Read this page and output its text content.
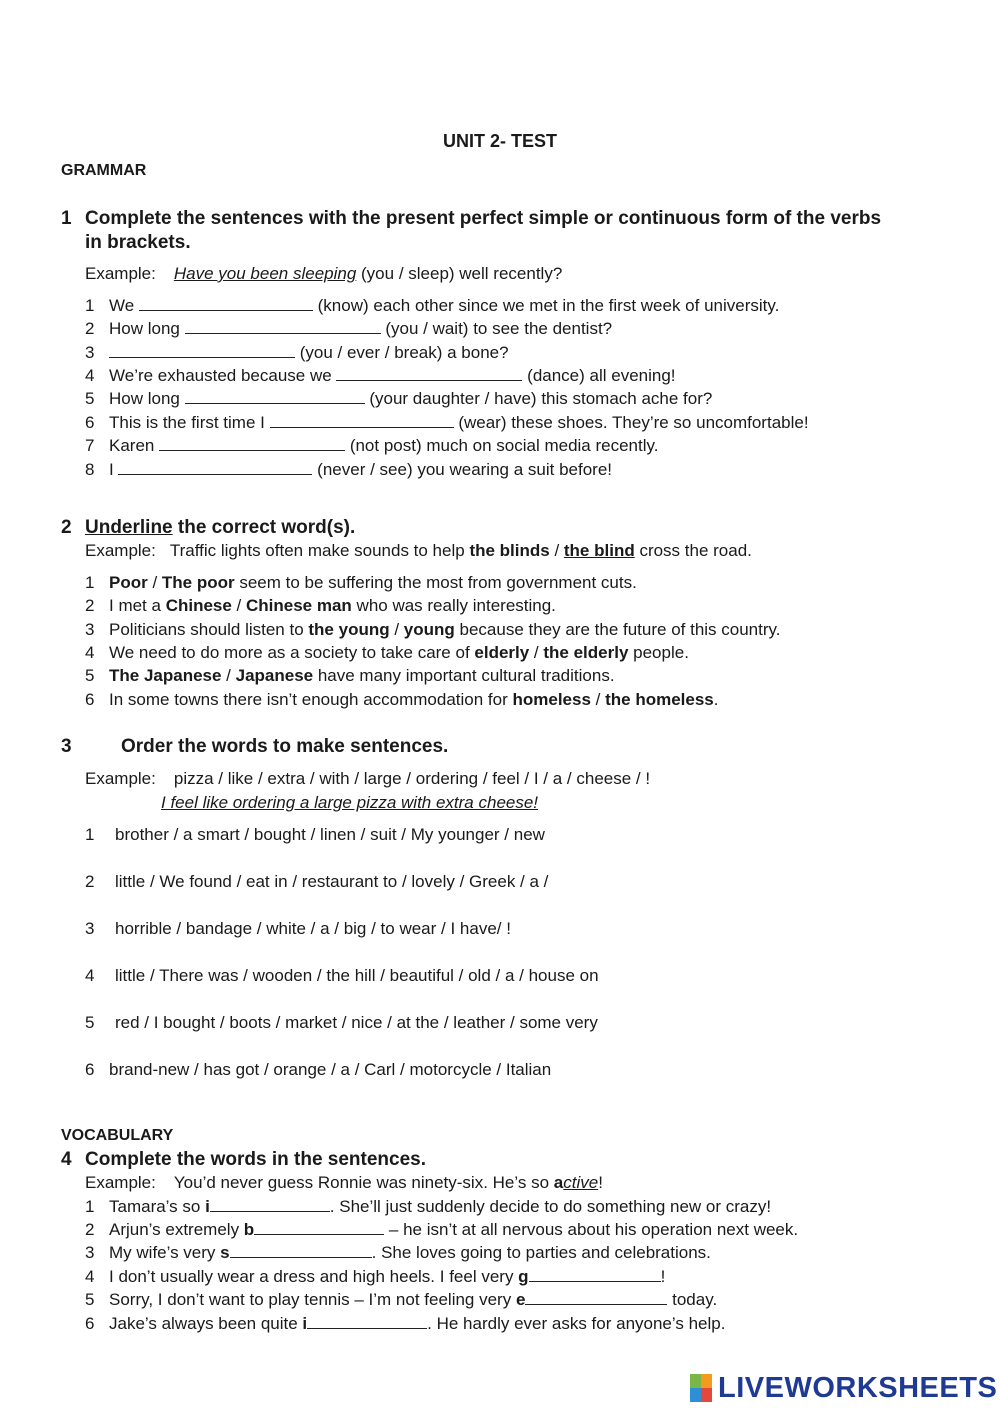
UNIT 2- TEST
GRAMMAR
1 Complete the sentences with the present perfect simple or continuous form of the verbs
in brackets.
Example: Have you been sleeping (you / sleep) well recently?
1 We	(know) each other since we met in the first week of university.
2 How long	(you / wait) to see the dentist?
3	(you / ever / break) a bone?
4 We’re exhausted because we	(dance) all evening!
5 How long	(your daughter / have) this stomach ache for?
6 This is the first time I	(wear) these shoes. They’re so uncomfortable!
7 Karen	(not post) much on social media recently.
8 I	(never / see) you wearing a suit before!
2 Underline the correct word(s).
Example: Traffic lights often make sounds to help the blinds / the blind cross the road.
1 Poor / The poor seem to be suffering the most from government cuts.
2 I met a Chinese / Chinese man who was really interesting.
3 Politicians should listen to the young / young because they are the future of this country.
4 We need to do more as a society to take care of elderly / the elderly people.
5 The Japanese / Japanese have many important cultural traditions.
6 In some towns there isn’t enough accommodation for homeless / the homeless.
3	Order the words to make sentences.
Example: pizza / like / extra / with / large / ordering / feel / I / a / cheese / !
I feel like ordering a large pizza with extra cheese!
1 brother / a smart / bought / linen / suit / My younger / new
2 little / We found / eat in / restaurant to / lovely / Greek / a /
3 horrible / bandage / white / a / big / to wear / I have/ !
4 little / There was / wooden / the hill / beautiful / old / a / house on
5 red / I bought / boots / market / nice / at the / leather / some very
6 brand-new / has got / orange / a / Carl / motorcycle / Italian
VOCABULARY
4 Complete the words in the sentences.
Example: You’d never guess Ronnie was ninety-six. He’s so active!
1 Tamara’s so i	. She’ll just suddenly decide to do something new or crazy!
2 Arjun’s extremely b	– he isn’t at all nervous about his operation next week.
3 My wife’s very s	. She loves going to parties and celebrations.
4 I don’t usually wear a dress and high heels. I feel very g	!
5 Sorry, I don’t want to play tennis – I’m not feeling very e	today.
6 Jake’s always been quite i	. He hardly ever asks for anyone’s help.
LIVEWORKSHEETS
